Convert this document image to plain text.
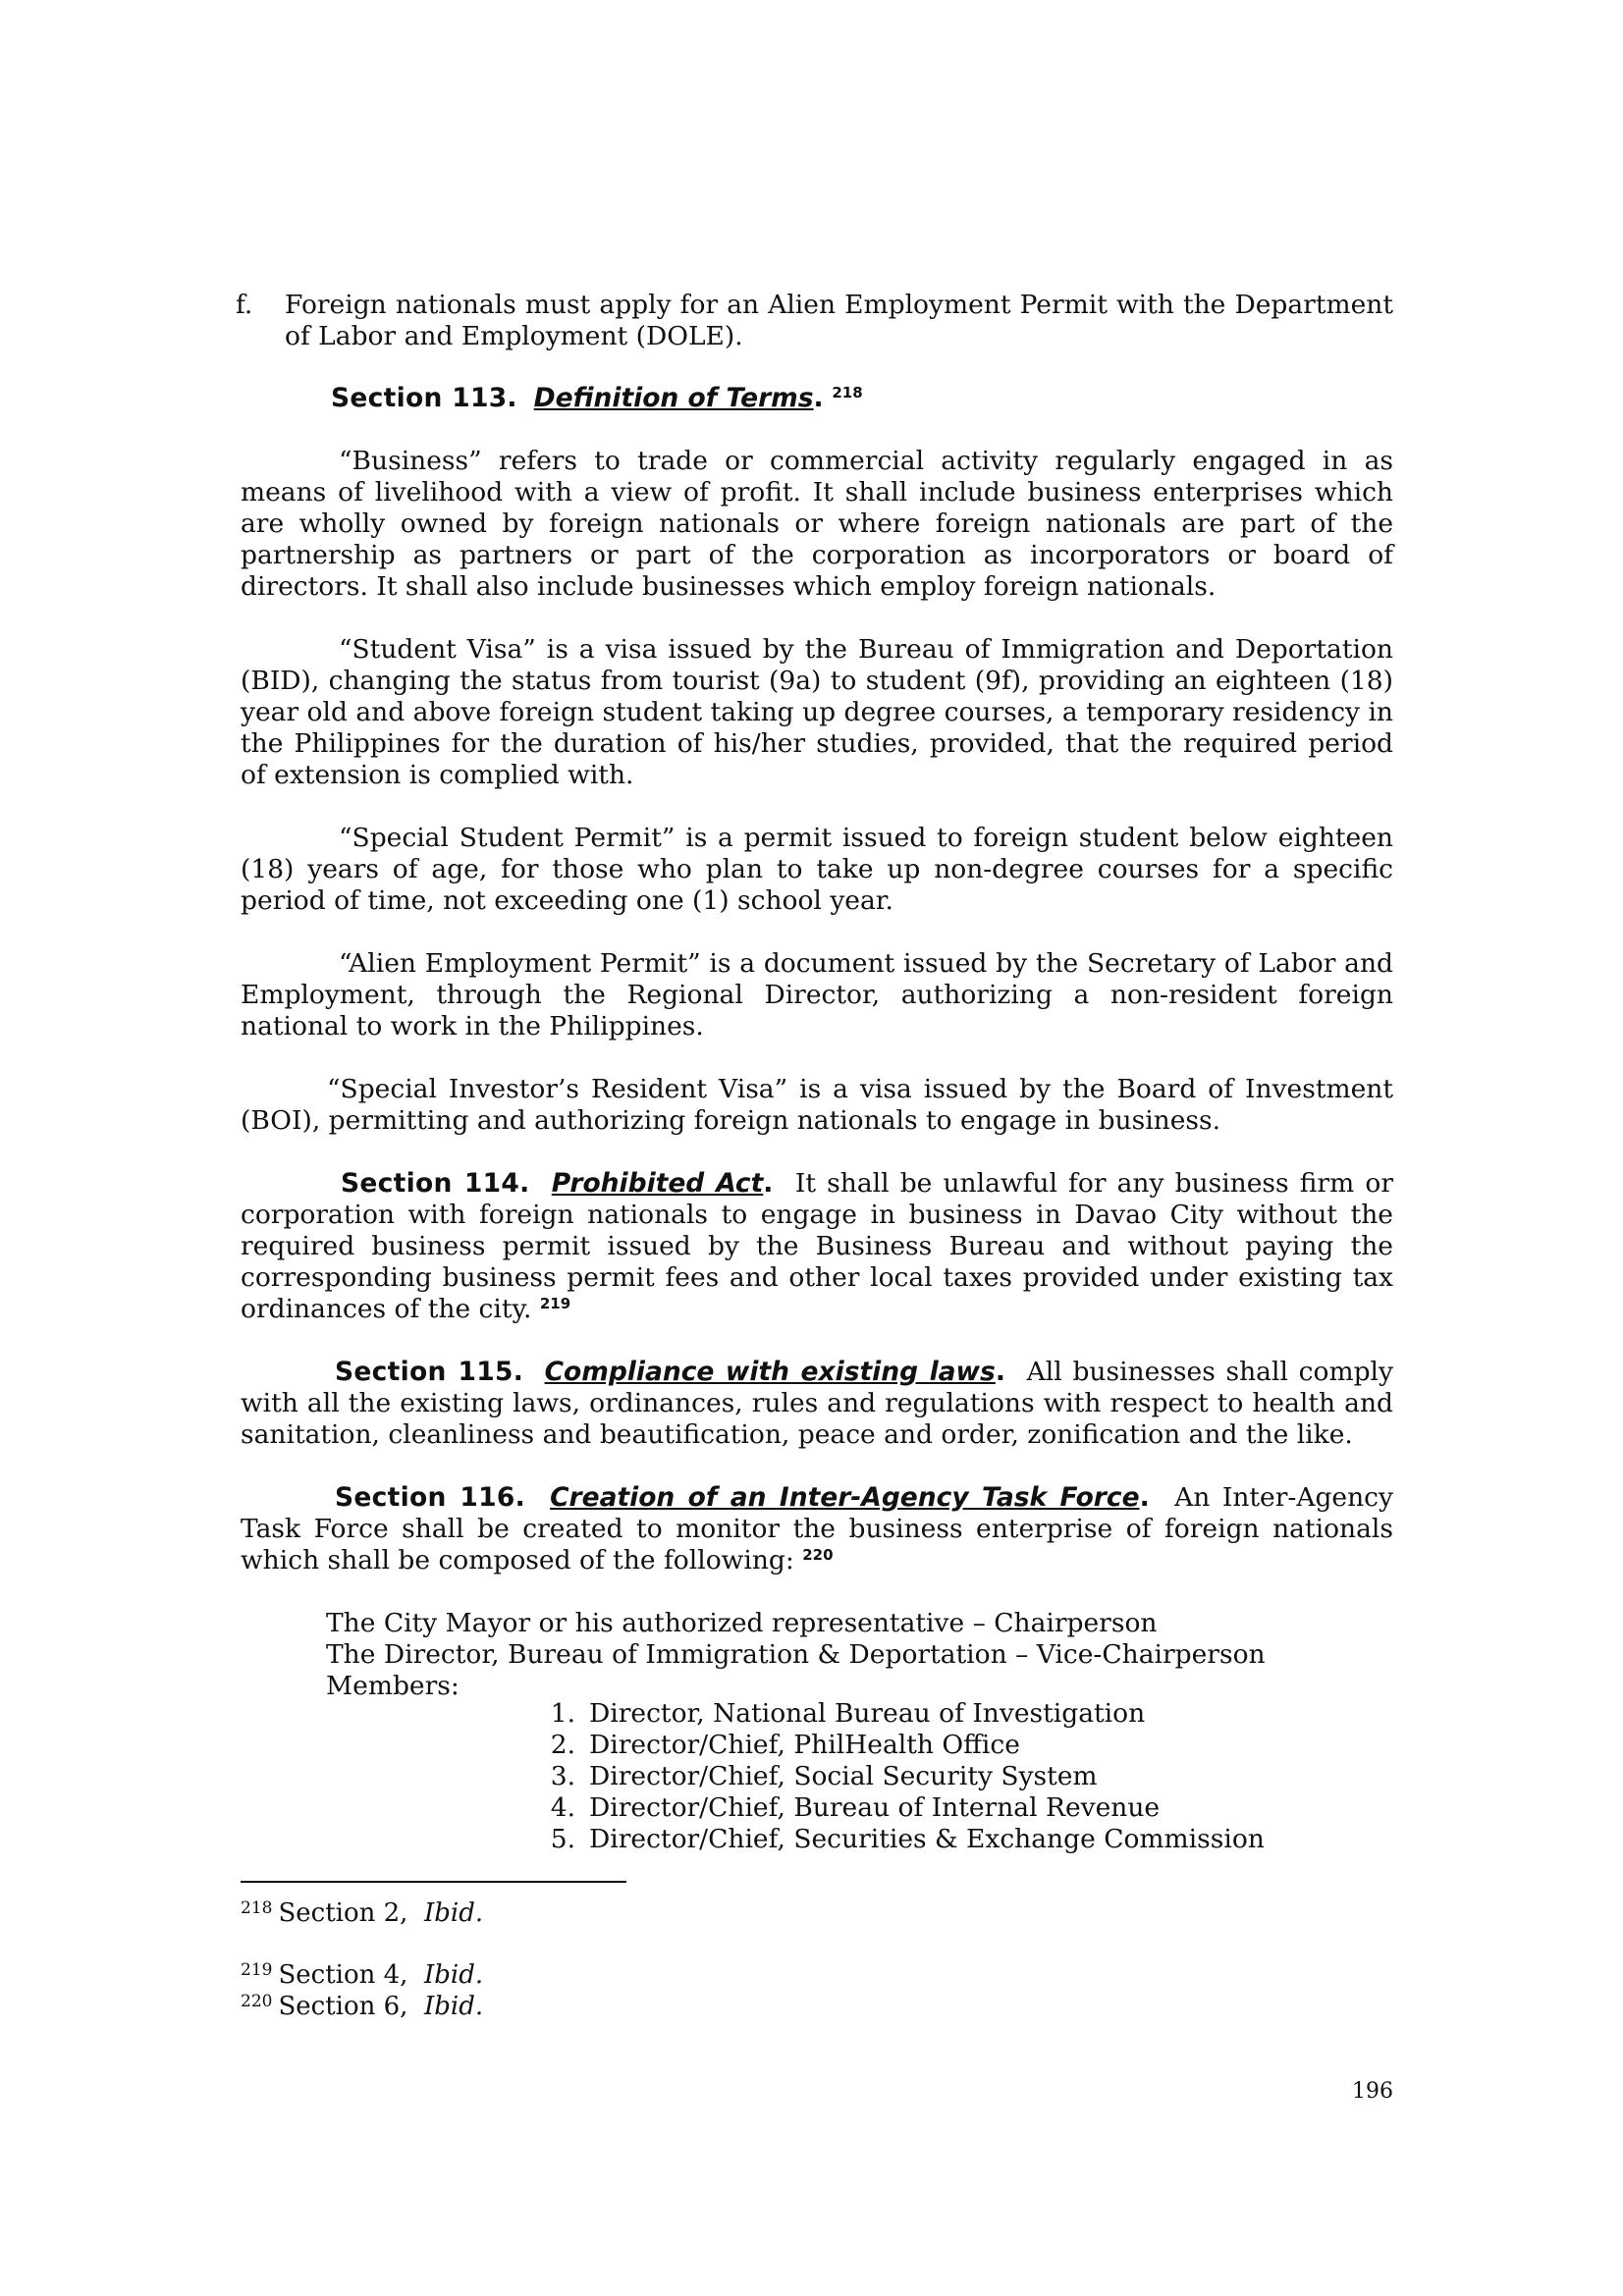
f. Foreign nationals must apply for an Alien Employment Permit with the Department of Labor and Employment (DOLE).

Section 113. Definition of Terms. $^{218}$

“Business” refers to trade or commercial activity regularly engaged in as means of livelihood with a view of profit. It shall include business enterprises which are wholly owned by foreign nationals or where foreign nationals are part of the partnership as partners or part of the corporation as incorporators or board of directors. It shall also include businesses which employ foreign nationals.

“Student Visa” is a visa issued by the Bureau of Immigration and Deportation (BID), changing the status from tourist (9a) to student (9f), providing an eighteen (18) year old and above foreign student taking up degree courses, a temporary residency in the Philippines for the duration of his/her studies, provided, that the required period of extension is complied with.

“Special Student Permit” is a permit issued to foreign student below eighteen (18) years of age, for those who plan to take up non-degree courses for a specific period of time, not exceeding one (1) school year.

“Alien Employment Permit” is a document issued by the Secretary of Labor and Employment, through the Regional Director, authorizing a non-resident foreign national to work in the Philippines.

“Special Investor’s Resident Visa” is a visa issued by the Board of Investment (BOI), permitting and authorizing foreign nationals to engage in business.

Section 114. Prohibited Act. It shall be unlawful for any business firm or corporation with foreign nationals to engage in business in Davao City without the required business permit issued by the Business Bureau and without paying the corresponding business permit fees and other local taxes provided under existing tax ordinances of the city. $^{219}$

Section 115. Compliance with existing laws. All businesses shall comply with all the existing laws, ordinances, rules and regulations with respect to health and sanitation, cleanliness and beautification, peace and order, zonification and the like.

Section 116. Creation of an Inter-Agency Task Force. An Inter-Agency Task Force shall be created to monitor the business enterprise of foreign nationals which shall be composed of the following: $^{220}$

The City Mayor or his authorized representative – Chairperson

The Director, Bureau of Immigration & Deportation – Vice-Chairperson

Members:

1. Director, National Bureau of Investigation
2. Director/Chief, PhilHealth Office
3. Director/Chief, Social Security System
4. Director/Chief, Bureau of Internal Revenue
5. Director/Chief, Securities & Exchange Commission
$^{218}$ Section 2, Ibid.
$^{219}$ Section 4, Ibid.
$^{220}$ Section 6, Ibid.
196
